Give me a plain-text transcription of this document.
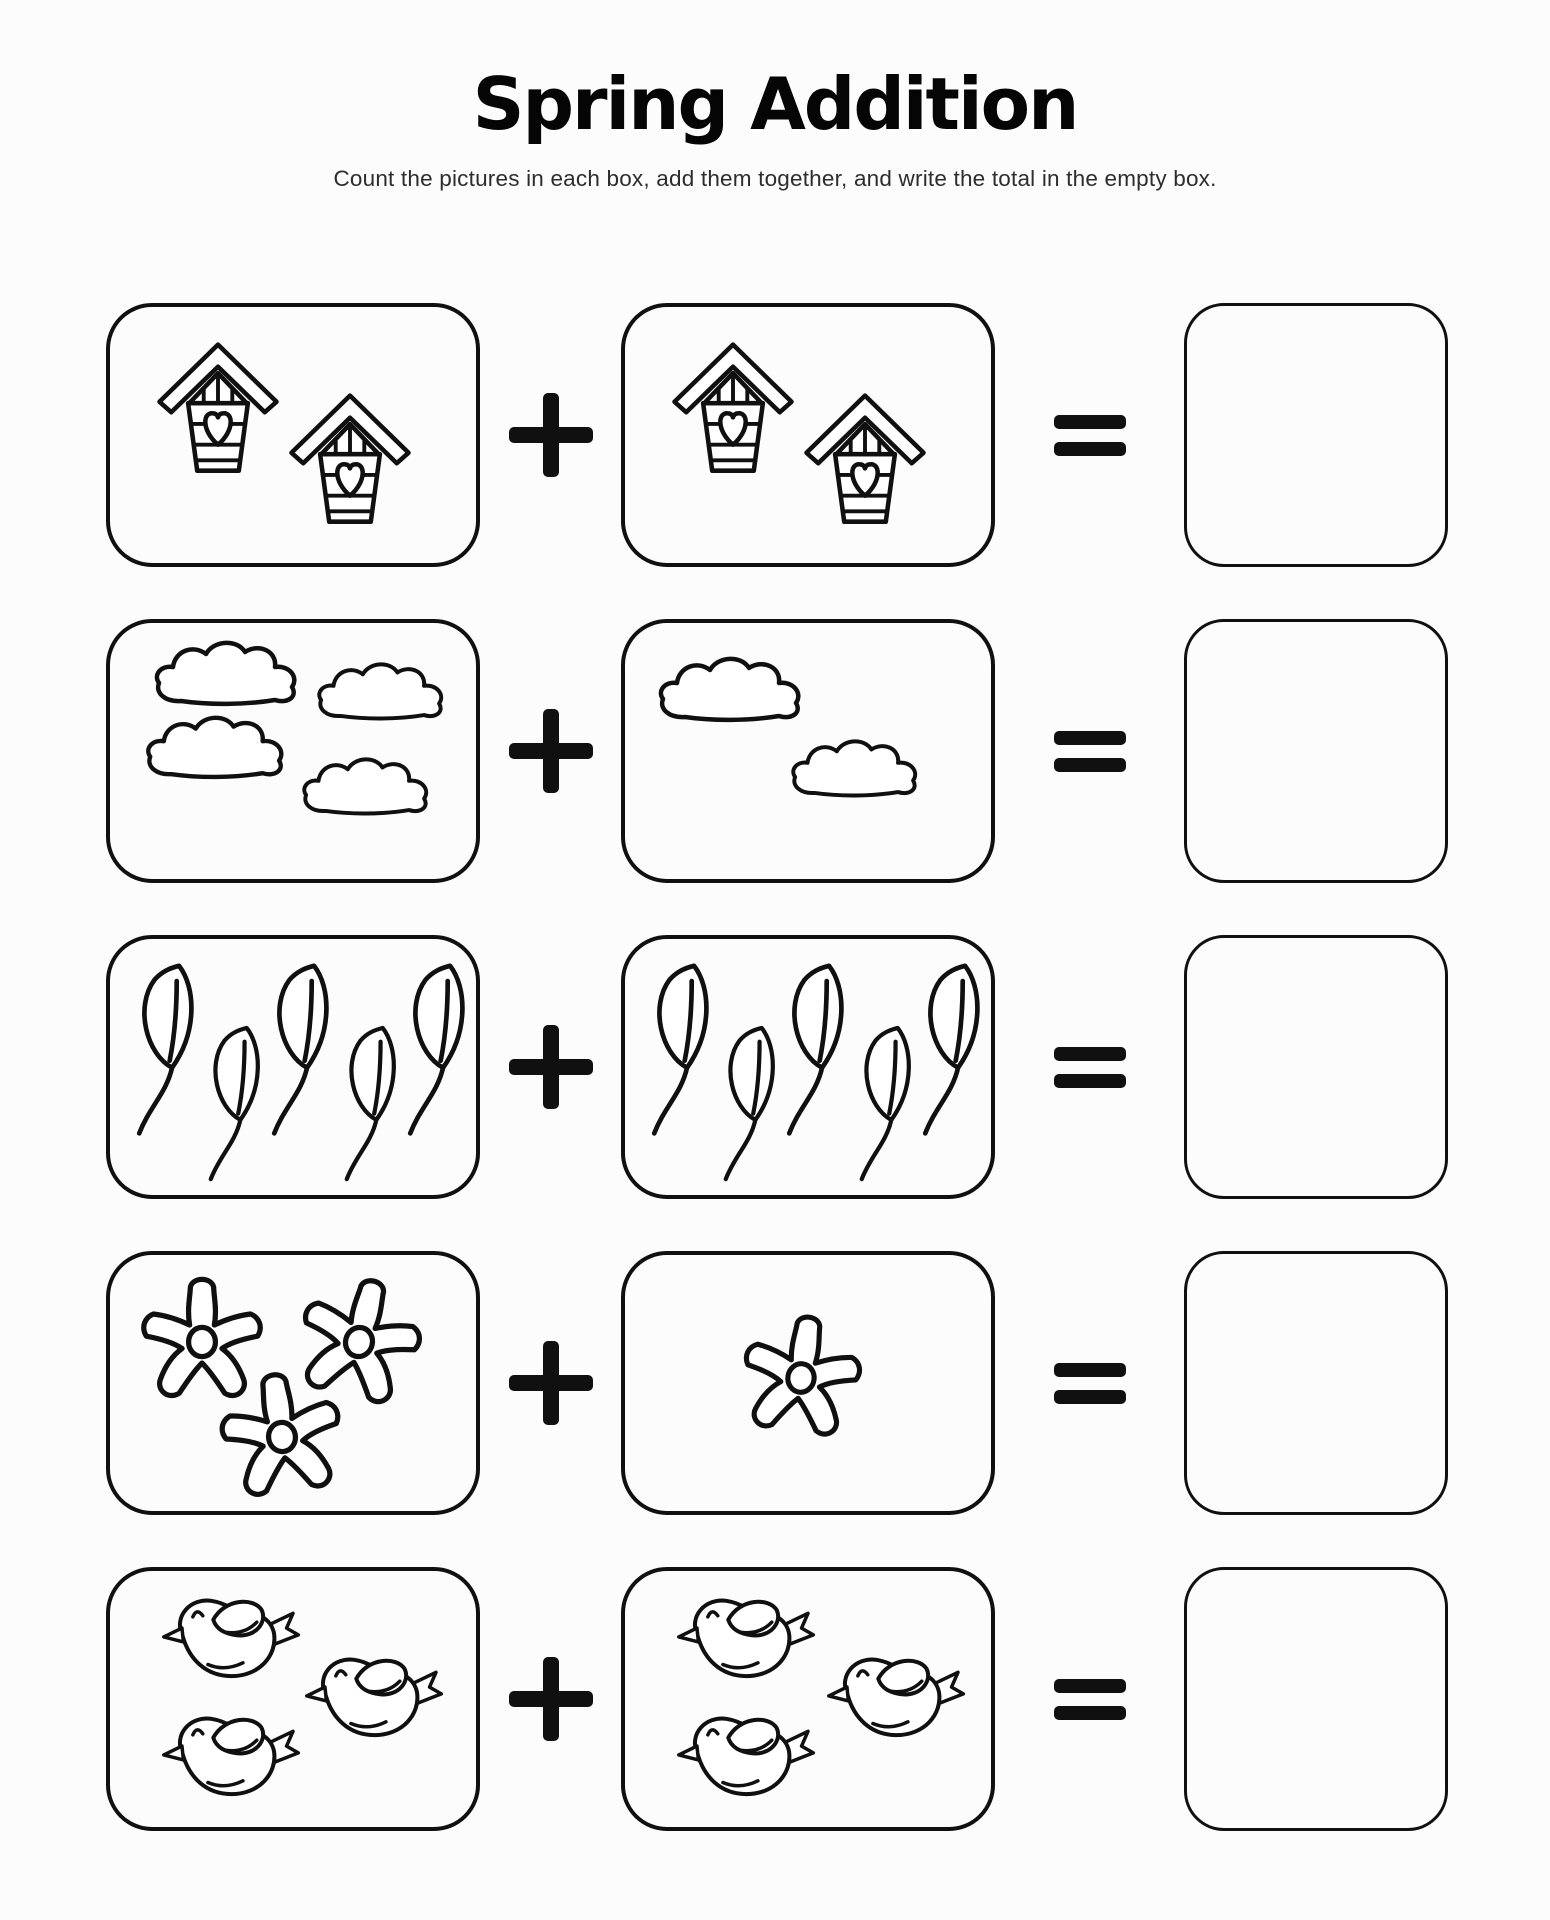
Spring Addition

Count the pictures in each box, add them together, and write the total in the empty box.
